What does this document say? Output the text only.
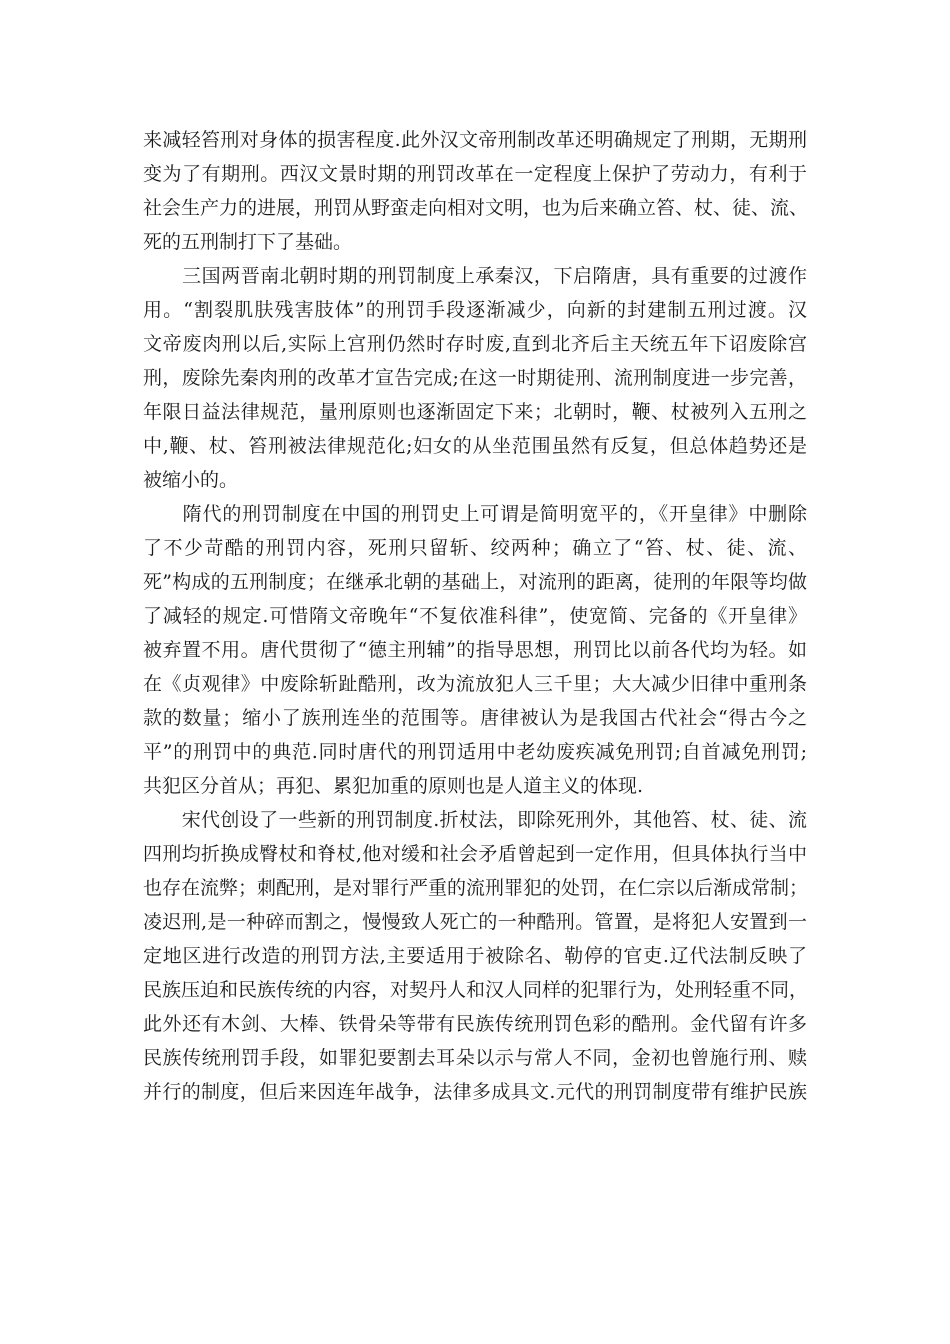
来减轻笞刑对身体的损害程度.此外汉文帝刑制改革还明确规定了刑期，无期刑
变为了有期刑。西汉文景时期的刑罚改革在一定程度上保护了劳动力，有利于
社会生产力的进展，刑罚从野蛮走向相对文明，也为后来确立笞、杖、徒、流、
死的五刑制打下了基础。
　　三国两晋南北朝时期的刑罚制度上承秦汉，下启隋唐，具有重要的过渡作
用。“割裂肌肤残害肢体”的刑罚手段逐渐减少，向新的封建制五刑过渡。汉
文帝废肉刑以后,实际上宫刑仍然时存时废,直到北齐后主天统五年下诏废除宫
刑，废除先秦肉刑的改革才宣告完成;在这一时期徒刑、流刑制度进一步完善，
年限日益法律规范，量刑原则也逐渐固定下来；北朝时，鞭、杖被列入五刑之
中,鞭、杖、笞刑被法律规范化;妇女的从坐范围虽然有反复，但总体趋势还是
被缩小的。
　　隋代的刑罚制度在中国的刑罚史上可谓是简明宽平的，《开皇律》中删除
了不少苛酷的刑罚内容，死刑只留斩、绞两种；确立了“笞、杖、徒、流、
死”构成的五刑制度；在继承北朝的基础上，对流刑的距离，徒刑的年限等均做
了减轻的规定.可惜隋文帝晚年“不复依准科律”，使宽简、完备的《开皇律》
被弃置不用。唐代贯彻了“德主刑辅”的指导思想，刑罚比以前各代均为轻。如
在《贞观律》中废除斩趾酷刑，改为流放犯人三千里；大大减少旧律中重刑条
款的数量；缩小了族刑连坐的范围等。唐律被认为是我国古代社会“得古今之
平”的刑罚中的典范.同时唐代的刑罚适用中老幼废疾减免刑罚;自首减免刑罚;
共犯区分首从；再犯、累犯加重的原则也是人道主义的体现.
　　宋代创设了一些新的刑罚制度.折杖法，即除死刑外，其他笞、杖、徒、流
四刑均折换成臀杖和脊杖,他对缓和社会矛盾曾起到一定作用，但具体执行当中
也存在流弊；刺配刑，是对罪行严重的流刑罪犯的处罚，在仁宗以后渐成常制；
凌迟刑,是一种碎而割之，慢慢致人死亡的一种酷刑。管置，是将犯人安置到一
定地区进行改造的刑罚方法,主要适用于被除名、勒停的官吏.辽代法制反映了
民族压迫和民族传统的内容，对契丹人和汉人同样的犯罪行为，处刑轻重不同，
此外还有木剑、大棒、铁骨朵等带有民族传统刑罚色彩的酷刑。金代留有许多
民族传统刑罚手段，如罪犯要割去耳朵以示与常人不同，金初也曾施行刑、赎
并行的制度，但后来因连年战争，法律多成具文.元代的刑罚制度带有维护民族
